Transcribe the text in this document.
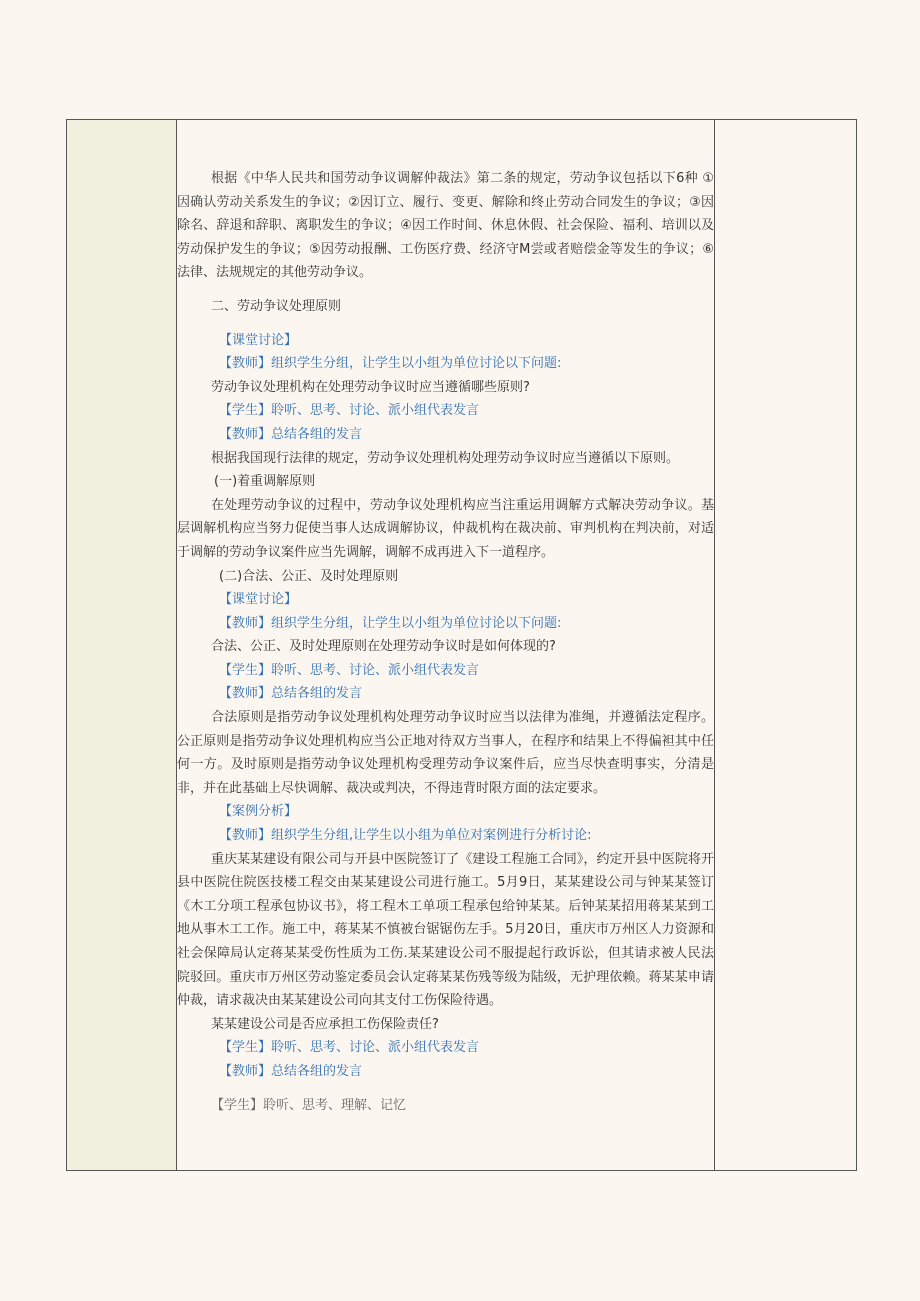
根据《中华人民共和国劳动争议调解仲裁法》第二条的规定，劳动争议包括以下6种 ①因确认劳动关系发生的争议；②因订立、履行、变更、解除和终止劳动合同发生的争议；③因除名、辞退和辞职、离职发生的争议；④因工作时间、休息休假、社会保险、福利、培训以及劳动保护发生的争议；⑤因劳动报酬、工伤医疗费、经济守M尝或者赔偿金等发生的争议；⑥法律、法规规定的其他劳动争议。

二、劳动争议处理原则

【课堂讨论】

【教师】组织学生分组，让学生以小组为单位讨论以下问题:

劳动争议处理机构在处理劳动争议时应当遵循哪些原则?

【学生】聆听、思考、讨论、派小组代表发言

【教师】总结各组的发言

根据我国现行法律的规定，劳动争议处理机构处理劳动争议时应当遵循以下原则。

(一)着重调解原则

在处理劳动争议的过程中，劳动争议处理机构应当注重运用调解方式解决劳动争议。基层调解机构应当努力促使当事人达成调解协议，仲裁机构在裁决前、审判机构在判决前，对适于调解的劳动争议案件应当先调解，调解不成再进入下一道程序。

(二)合法、公正、及时处理原则

【课堂讨论】

【教师】组织学生分组，让学生以小组为单位讨论以下问题:

合法、公正、及时处理原则在处理劳动争议时是如何体现的?

【学生】聆听、思考、讨论、派小组代表发言

【教师】总结各组的发言

合法原则是指劳动争议处理机构处理劳动争议时应当以法律为准绳，并遵循法定程序。公正原则是指劳动争议处理机构应当公正地对待双方当事人，在程序和结果上不得偏袒其中任何一方。及时原则是指劳动争议处理机构受理劳动争议案件后，应当尽快查明事实，分清是非，并在此基础上尽快调解、裁决或判决，不得违背时限方面的法定要求。

【案例分析】

【教师】组织学生分组,让学生以小组为单位对案例进行分析讨论:

重庆某某建设有限公司与开县中医院签订了《建设工程施工合同》，约定开县中医院将开县中医院住院医技楼工程交由某某建设公司进行施工。5月9日，某某建设公司与钟某某签订《木工分项工程承包协议书》，将工程木工单项工程承包给钟某某。后钟某某招用蒋某某到工地从事木工工作。施工中，蒋某某不慎被台锯锯伤左手。5月20日，重庆市万州区人力资源和社会保障局认定蒋某某受伤性质为工伤.某某建设公司不服提起行政诉讼，但其请求被人民法院驳回。重庆市万州区劳动鉴定委员会认定蒋某某伤残等级为陆级，无护理依赖。蒋某某申请仲裁，请求裁决由某某建设公司向其支付工伤保险待遇。

某某建设公司是否应承担工伤保险责任?

【学生】聆听、思考、讨论、派小组代表发言

【教师】总结各组的发言

【学生】聆听、思考、理解、记忆
